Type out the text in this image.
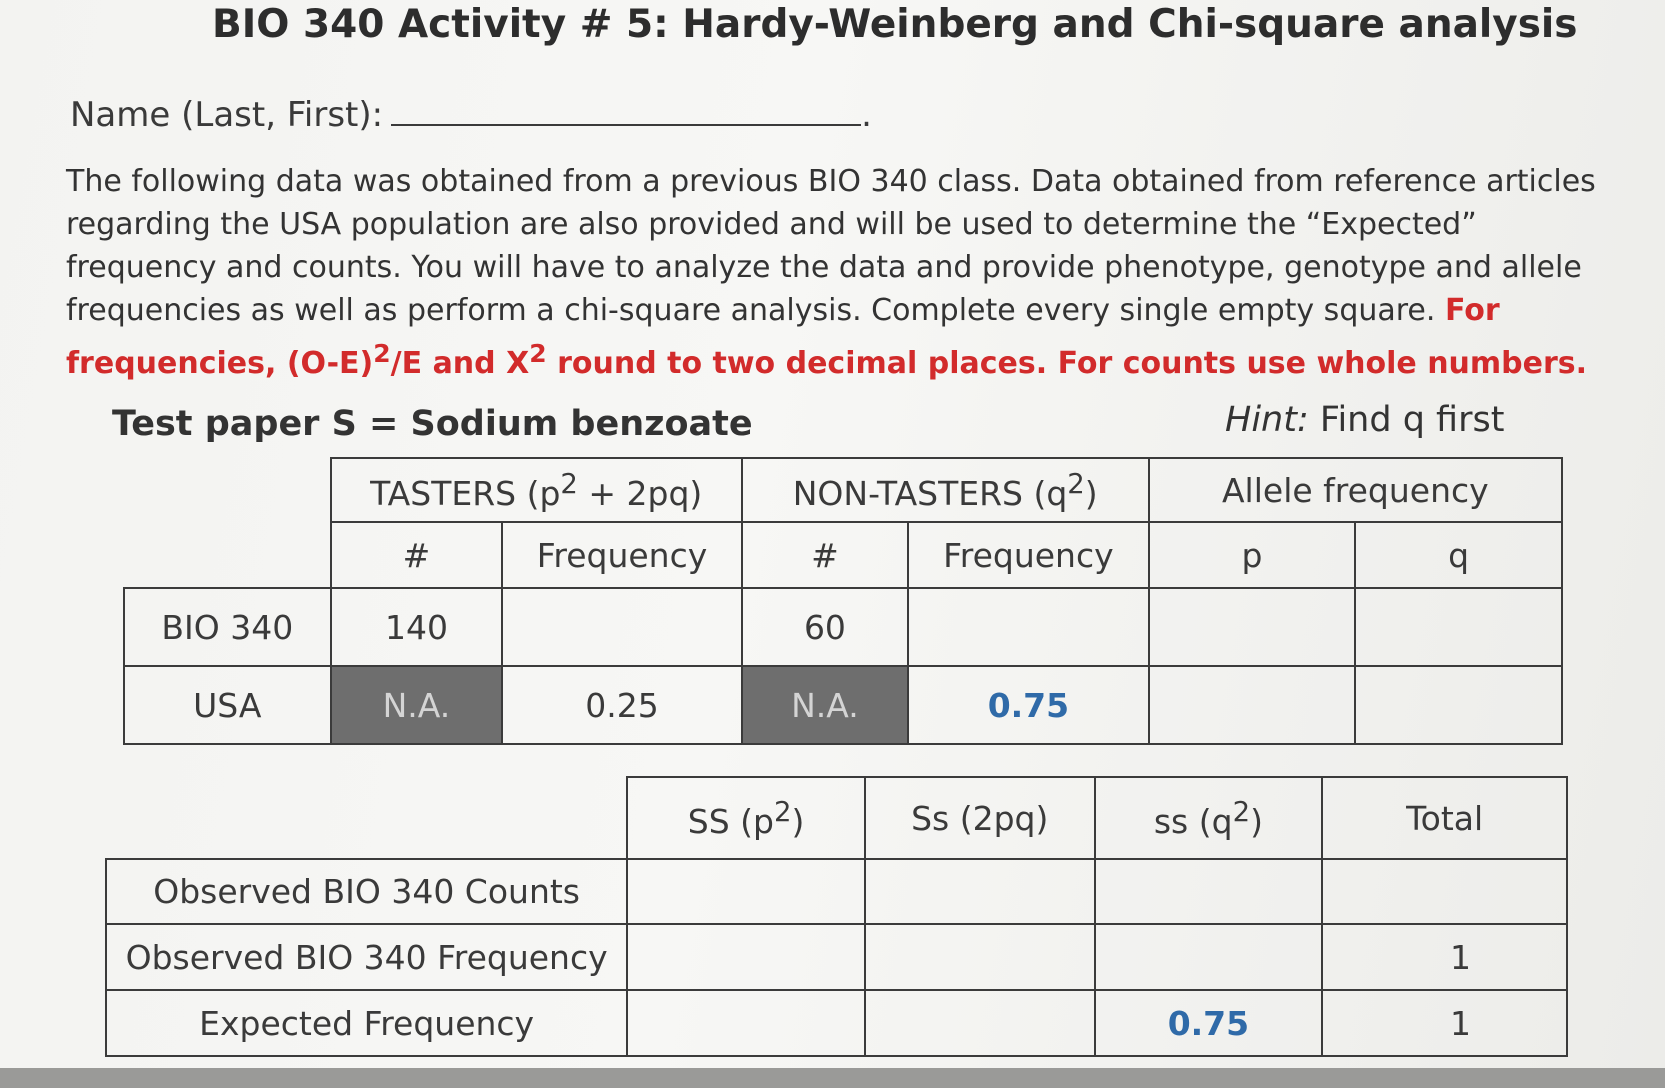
BIO 340 Activity # 5: Hardy-Weinberg and Chi-square analysis
Name (Last, First):	.
The following data was obtained from a previous BIO 340 class. Data obtained from reference articles regarding the USA population are also provided and will be used to determine the “Expected” frequency and counts. You will have to analyze the data and provide phenotype, genotype and allele frequencies as well as perform a chi-square analysis. Complete every single empty square. For frequencies, $(O-E)^2/E$ and $X^2$ round to two decimal places. For counts use whole numbers.
Test paper S = Sodium benzoate	Hint: Find q first
	TASTERS $(p^2 + 2pq)$		NON-TASTERS $(q^2)$		Allele frequency	
	#	Frequency	#	Frequency	p	q
BIO 340	140		60			
USA	N.A.	0.25	N.A.	0.75		
	SS $(p^2)$	Ss (2pq)	ss $(q^2)$	Total
Observed BIO 340 Counts				
Observed BIO 340 Frequency				1
Expected Frequency			0.75	1
